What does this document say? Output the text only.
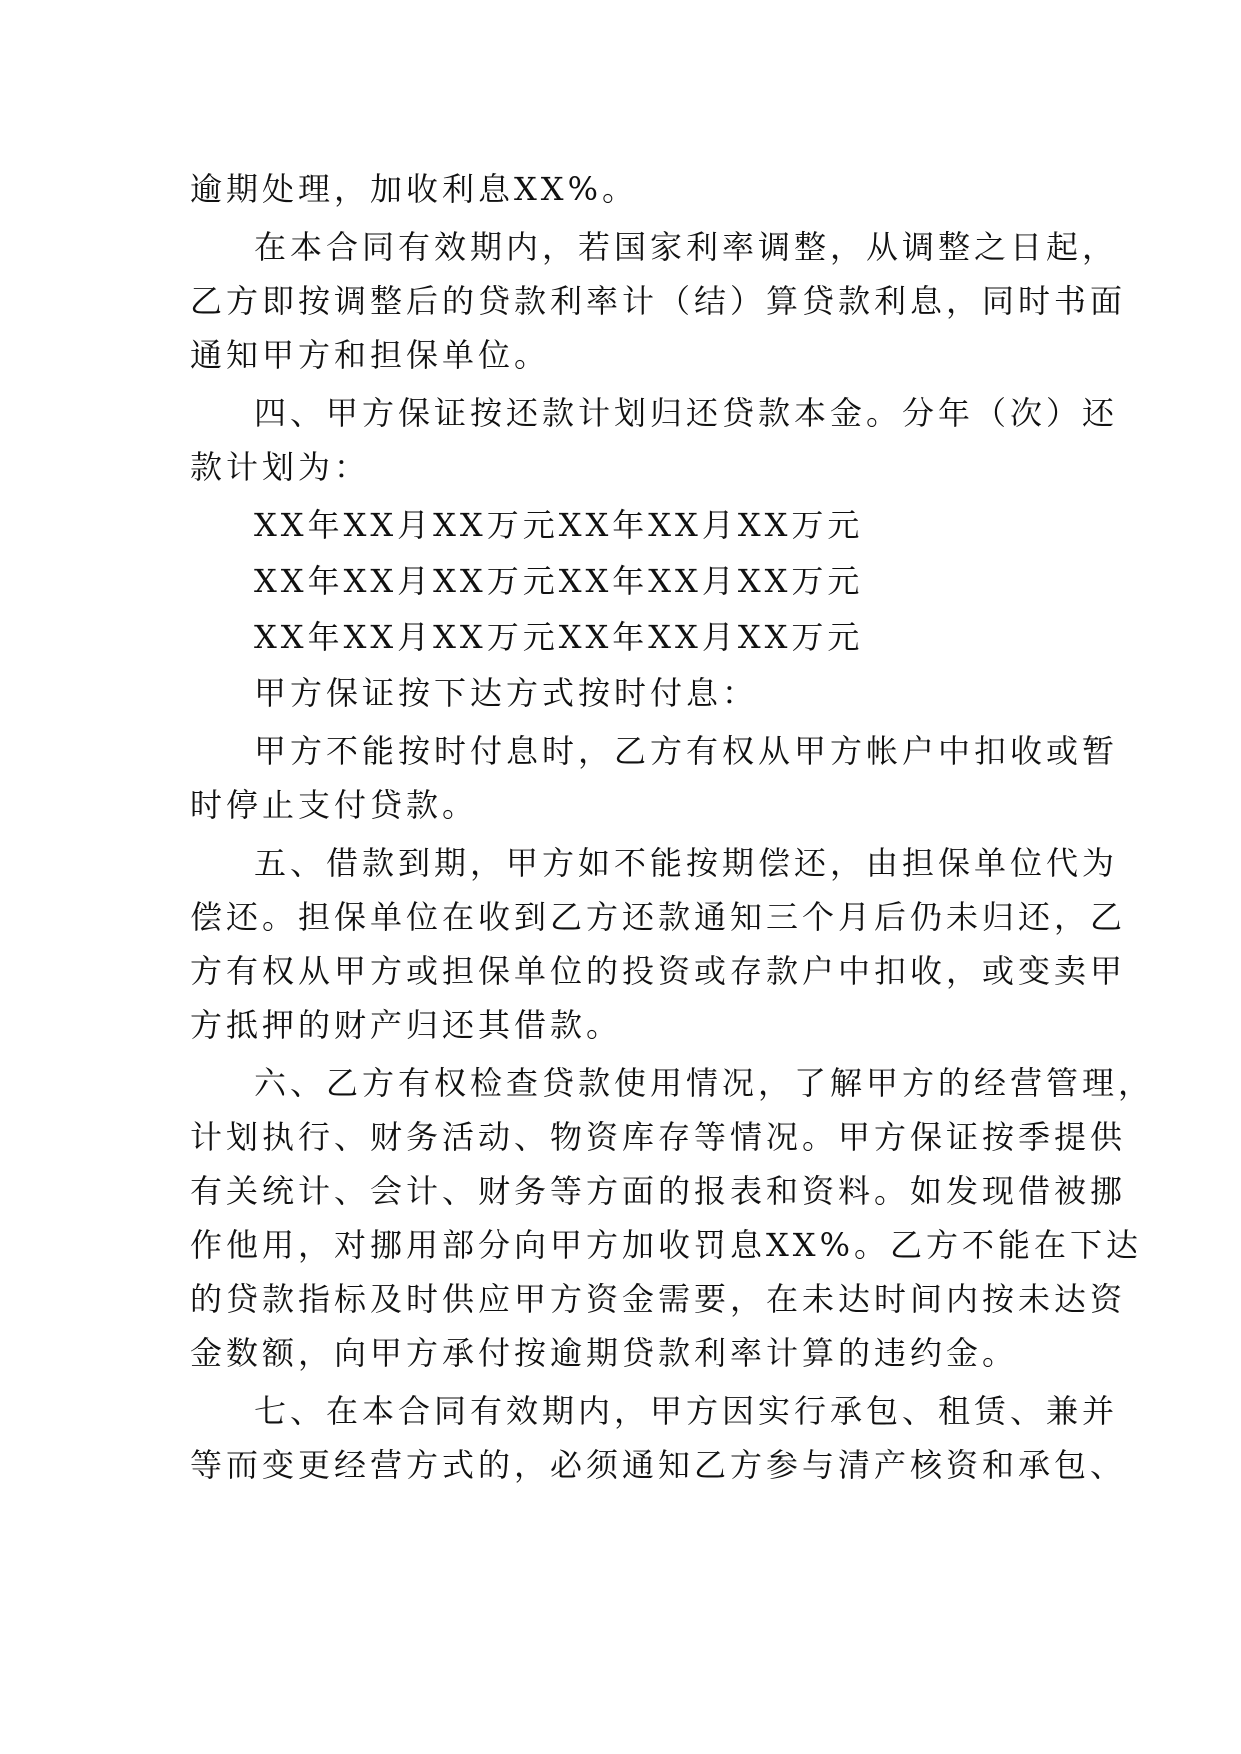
逾期处理，加收利息XX%。
在本合同有效期内，若国家利率调整，从调整之日起，
乙方即按调整后的贷款利率计（结）算贷款利息，同时书面
通知甲方和担保单位。
四、甲方保证按还款计划归还贷款本金。分年（次）还
款计划为：
XX年XX月XX万元XX年XX月XX万元
XX年XX月XX万元XX年XX月XX万元
XX年XX月XX万元XX年XX月XX万元
甲方保证按下达方式按时付息：
甲方不能按时付息时，乙方有权从甲方帐户中扣收或暂
时停止支付贷款。
五、借款到期，甲方如不能按期偿还，由担保单位代为
偿还。担保单位在收到乙方还款通知三个月后仍未归还，乙
方有权从甲方或担保单位的投资或存款户中扣收，或变卖甲
方抵押的财产归还其借款。
六、乙方有权检查贷款使用情况，了解甲方的经营管理，
计划执行、财务活动、物资库存等情况。甲方保证按季提供
有关统计、会计、财务等方面的报表和资料。如发现借被挪
作他用，对挪用部分向甲方加收罚息XX%。乙方不能在下达
的贷款指标及时供应甲方资金需要，在未达时间内按未达资
金数额，向甲方承付按逾期贷款利率计算的违约金。
七、在本合同有效期内，甲方因实行承包、租赁、兼并
等而变更经营方式的，必须通知乙方参与清产核资和承包、
